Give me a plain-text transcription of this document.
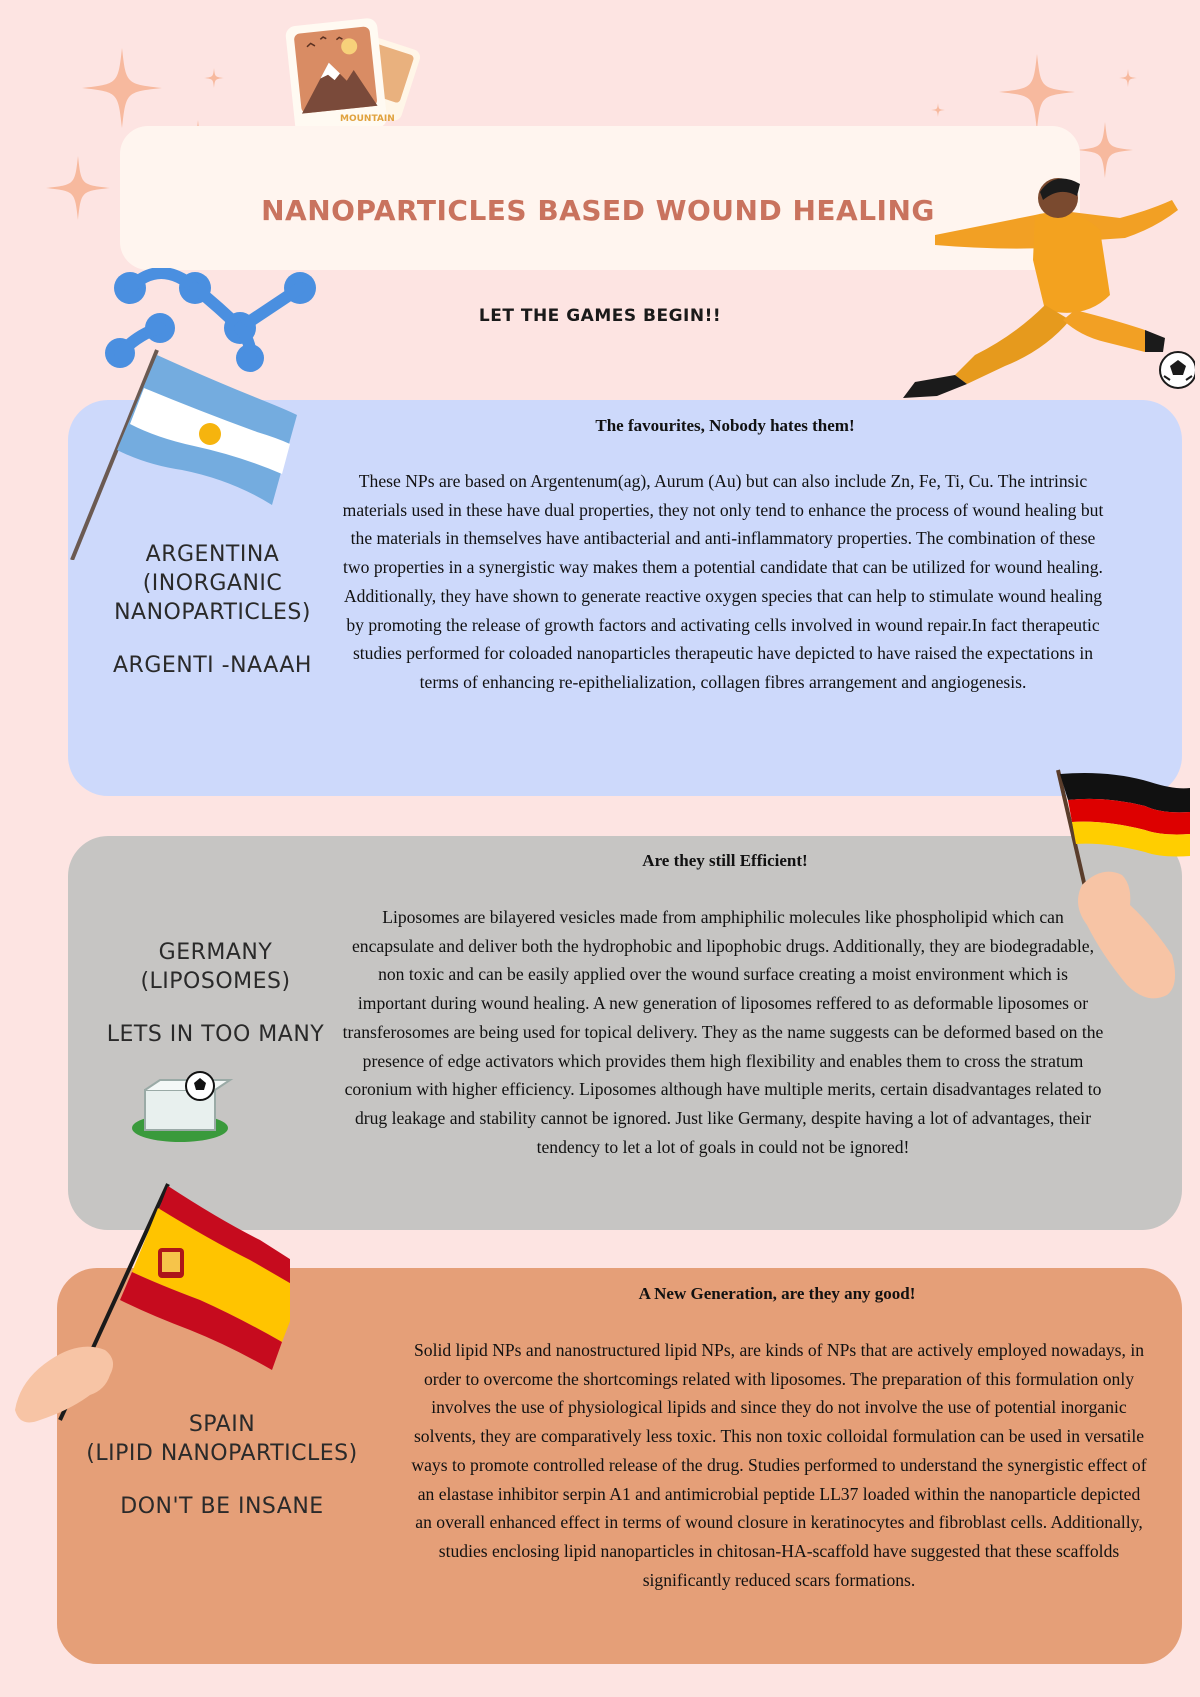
MOUNTAIN
NANOPARTICLES BASED WOUND HEALING
ARGENTINA
(INORGANIC
NANOPARTICLES)
ARGENTI -NAAAH
The favourites, Nobody hates them!
These NPs are based on Argentenum(ag), Aurum (Au) but can also include Zn, Fe, Ti, Cu. The intrinsic materials used in these have dual properties, they not only tend to enhance the process of wound healing but the materials in themselves have antibacterial and anti-inflammatory properties. The combination of these two properties in a synergistic way makes them a potential candidate that can be utilized for wound healing. Additionally, they have shown to generate reactive oxygen species that can help to stimulate wound healing by promoting the release of growth factors and activating cells involved in wound repair.In fact therapeutic studies performed for coloaded nanoparticles therapeutic have depicted to have raised the expectations in terms of enhancing re-epithelialization, collagen fibres arrangement and angiogenesis.
GERMANY
(LIPOSOMES)
LETS IN TOO MANY
Are they still Efficient!
Liposomes are bilayered vesicles made from amphiphilic molecules like phospholipid which can encapsulate and deliver both the hydrophobic and lipophobic drugs. Additionally, they are biodegradable, non toxic and can be easily applied over the wound surface creating a moist environment which is important during wound healing. A new generation of liposomes reffered to as deformable liposomes or transferosomes are being used for topical delivery. They as the name suggests can be deformed based on the presence of edge activators which provides them high flexibility and enables them to cross the stratum coronium with higher efficiency. Liposomes although have multiple merits, certain disadvantages related to drug leakage and stability cannot be ignored. Just like Germany, despite having a lot of advantages, their tendency to let a lot of goals in could not be ignored!
SPAIN
(LIPID NANOPARTICLES)
DON'T BE INSANE
A New Generation, are they any good!
Solid lipid NPs and nanostructured lipid NPs, are kinds of NPs that are actively employed nowadays, in order to overcome the shortcomings related with liposomes. The preparation of this formulation only involves the use of physiological lipids and since they do not involve the use of potential inorganic solvents, they are comparatively less toxic. This non toxic colloidal formulation can be used in versatile ways to promote controlled release of the drug. Studies performed to understand the synergistic effect of an elastase inhibitor serpin A1 and antimicrobial peptide LL37 loaded within the nanoparticle depicted an overall enhanced effect in terms of wound closure in keratinocytes and fibroblast cells. Additionally, studies enclosing lipid nanoparticles in chitosan-HA-scaffold have suggested that these scaffolds significantly reduced scars formations.
LET THE GAMES BEGIN!!
